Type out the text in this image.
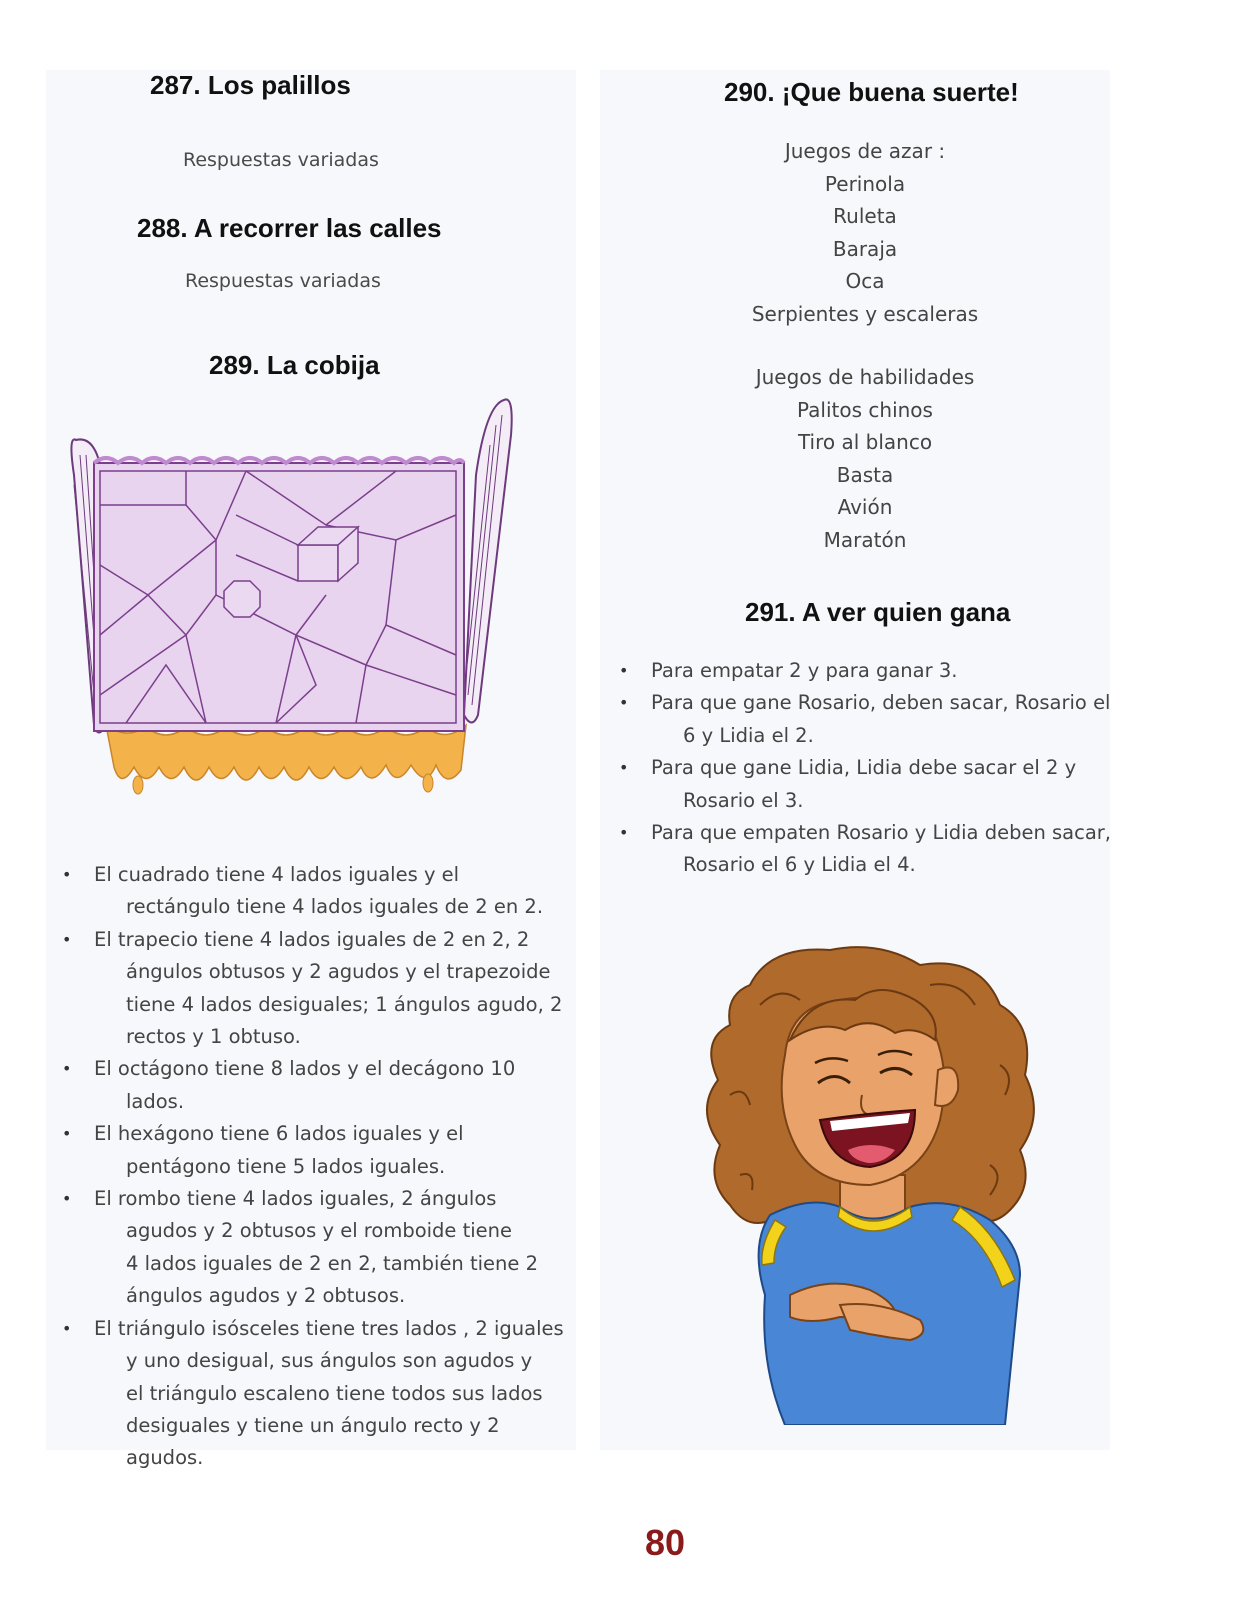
287. Los palillos
Respuestas variadas
288. A recorrer las calles
Respuestas variadas
289. La cobija
290. ¡Que buena suerte!
Juegos de azar :
Perinola
Ruleta
Baraja
Oca
Serpientes y escaleras
Juegos de habilidades
Palitos chinos
Tiro al blanco
Basta
Avión
Maratón
291. A ver quien gana
• Para empatar 2 y para ganar 3.
• Para que gane Rosario, deben sacar, Rosario el
6 y Lidia el 2.
• Para que gane Lidia, Lidia debe sacar el 2 y
Rosario el 3.
• Para que empaten Rosario y Lidia deben sacar,
Rosario el 6 y Lidia el 4.
• El cuadrado tiene 4 lados iguales y el
rectángulo tiene 4 lados iguales de 2 en 2.
• El trapecio tiene 4 lados iguales de 2 en 2, 2
ángulos obtusos y 2 agudos y el trapezoide
tiene 4 lados desiguales; 1 ángulos agudo, 2
rectos y 1 obtuso.
• El octágono tiene 8 lados y el decágono 10
lados.
• El hexágono tiene 6 lados iguales y el
pentágono tiene 5 lados iguales.
• El rombo tiene 4 lados iguales, 2 ángulos
agudos y 2 obtusos y el romboide tiene
4 lados iguales de 2 en 2, también tiene 2
ángulos agudos y 2 obtusos.
• El triángulo isósceles tiene tres lados , 2 iguales
y uno desigual, sus ángulos son agudos y
el triángulo escaleno tiene todos sus lados
desiguales y tiene un ángulo recto y 2
agudos.
80
